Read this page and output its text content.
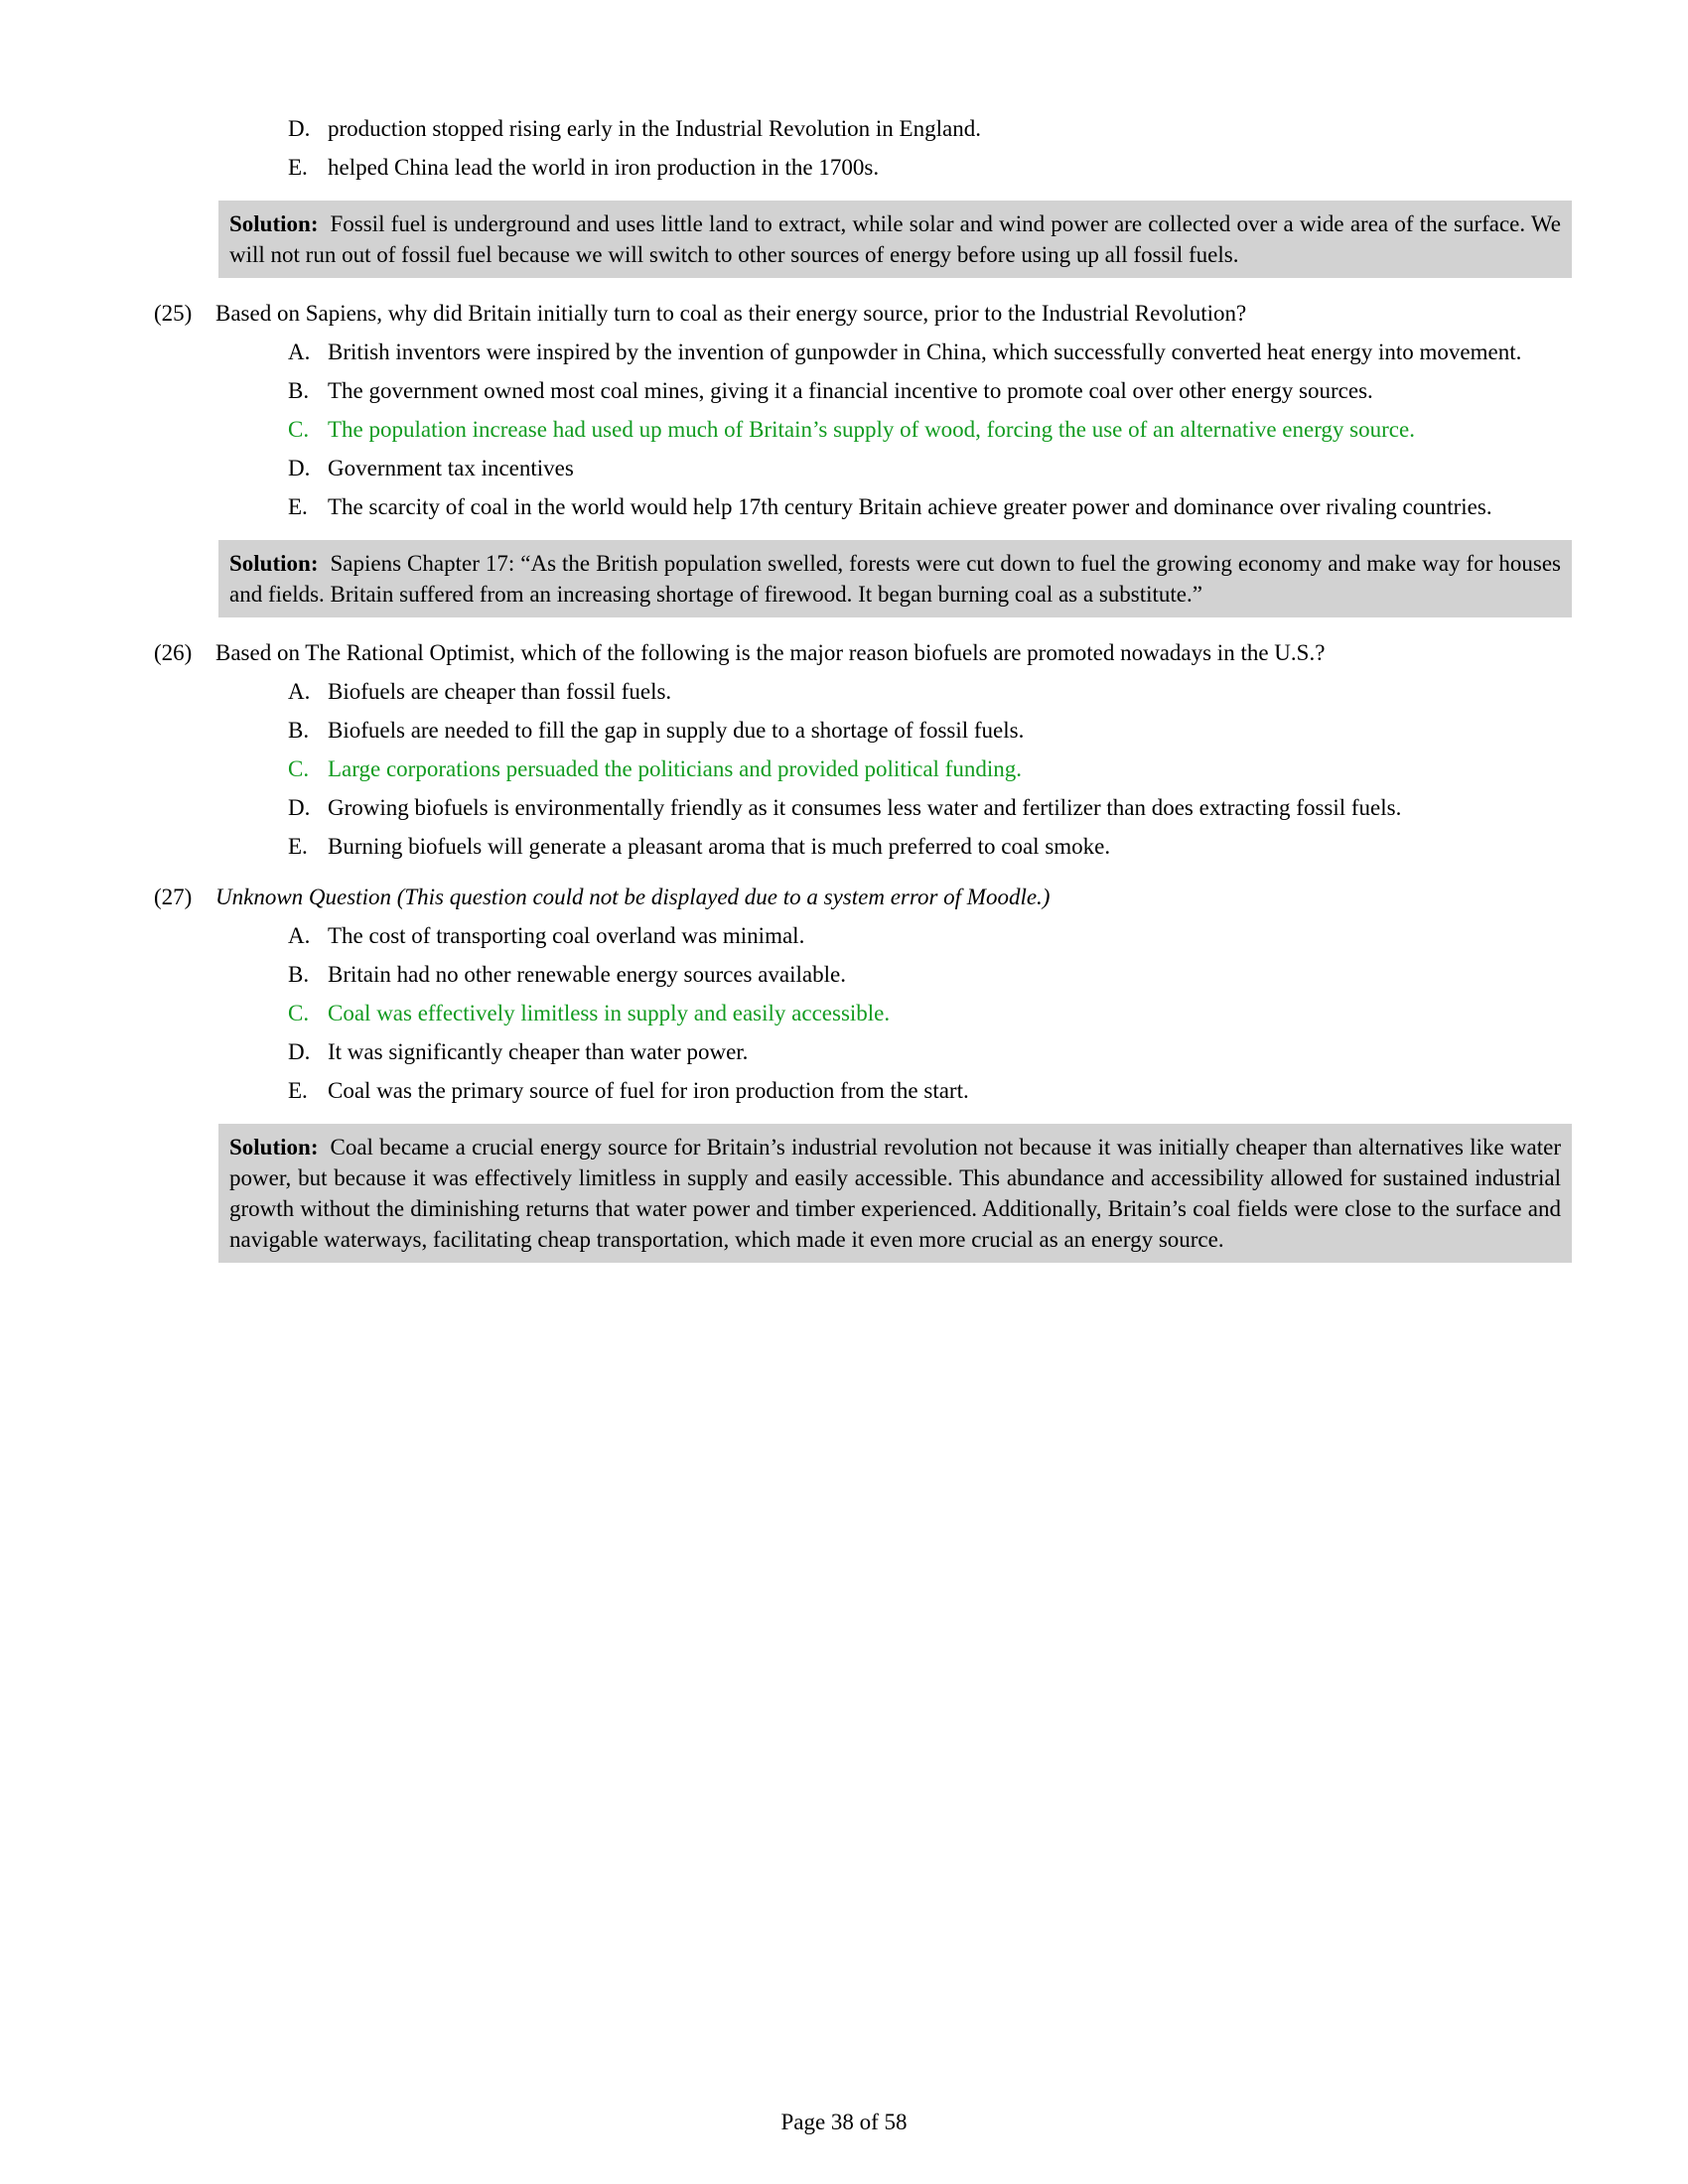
D. production stopped rising early in the Industrial Revolution in England.
E. helped China lead the world in iron production in the 1700s.
Solution: Fossil fuel is underground and uses little land to extract, while solar and wind power are collected over a wide area of the surface. We will not run out of fossil fuel because we will switch to other sources of energy before using up all fossil fuels.
(25)	Based on Sapiens, why did Britain initially turn to coal as their energy source, prior to the Industrial Revolution?
A. British inventors were inspired by the invention of gunpowder in China, which successfully converted heat energy into movement.
B. The government owned most coal mines, giving it a financial incentive to promote coal over other energy sources.
C. The population increase had used up much of Britain’s supply of wood, forcing the use of an alternative energy source.
D. Government tax incentives
E. The scarcity of coal in the world would help 17th century Britain achieve greater power and dominance over rivaling countries.
Solution: Sapiens Chapter 17: “As the British population swelled, forests were cut down to fuel the growing economy and make way for houses and fields. Britain suffered from an increasing shortage of firewood. It began burning coal as a substitute.”
(26)	Based on The Rational Optimist, which of the following is the major reason biofuels are promoted nowadays in the U.S.?
A. Biofuels are cheaper than fossil fuels.
B. Biofuels are needed to fill the gap in supply due to a shortage of fossil fuels.
C. Large corporations persuaded the politicians and provided political funding.
D. Growing biofuels is environmentally friendly as it consumes less water and fertilizer than does extracting fossil fuels.
E. Burning biofuels will generate a pleasant aroma that is much preferred to coal smoke.
(27)	Unknown Question (This question could not be displayed due to a system error of Moodle.)
A. The cost of transporting coal overland was minimal.
B. Britain had no other renewable energy sources available.
C. Coal was effectively limitless in supply and easily accessible.
D. It was significantly cheaper than water power.
E. Coal was the primary source of fuel for iron production from the start.
Solution: Coal became a crucial energy source for Britain’s industrial revolution not because it was initially cheaper than alternatives like water power, but because it was effectively limitless in supply and easily accessible. This abundance and accessibility allowed for sustained industrial growth without the diminishing returns that water power and timber experienced. Additionally, Britain’s coal fields were close to the surface and navigable waterways, facilitating cheap transportation, which made it even more crucial as an energy source.
Page 38 of 58
